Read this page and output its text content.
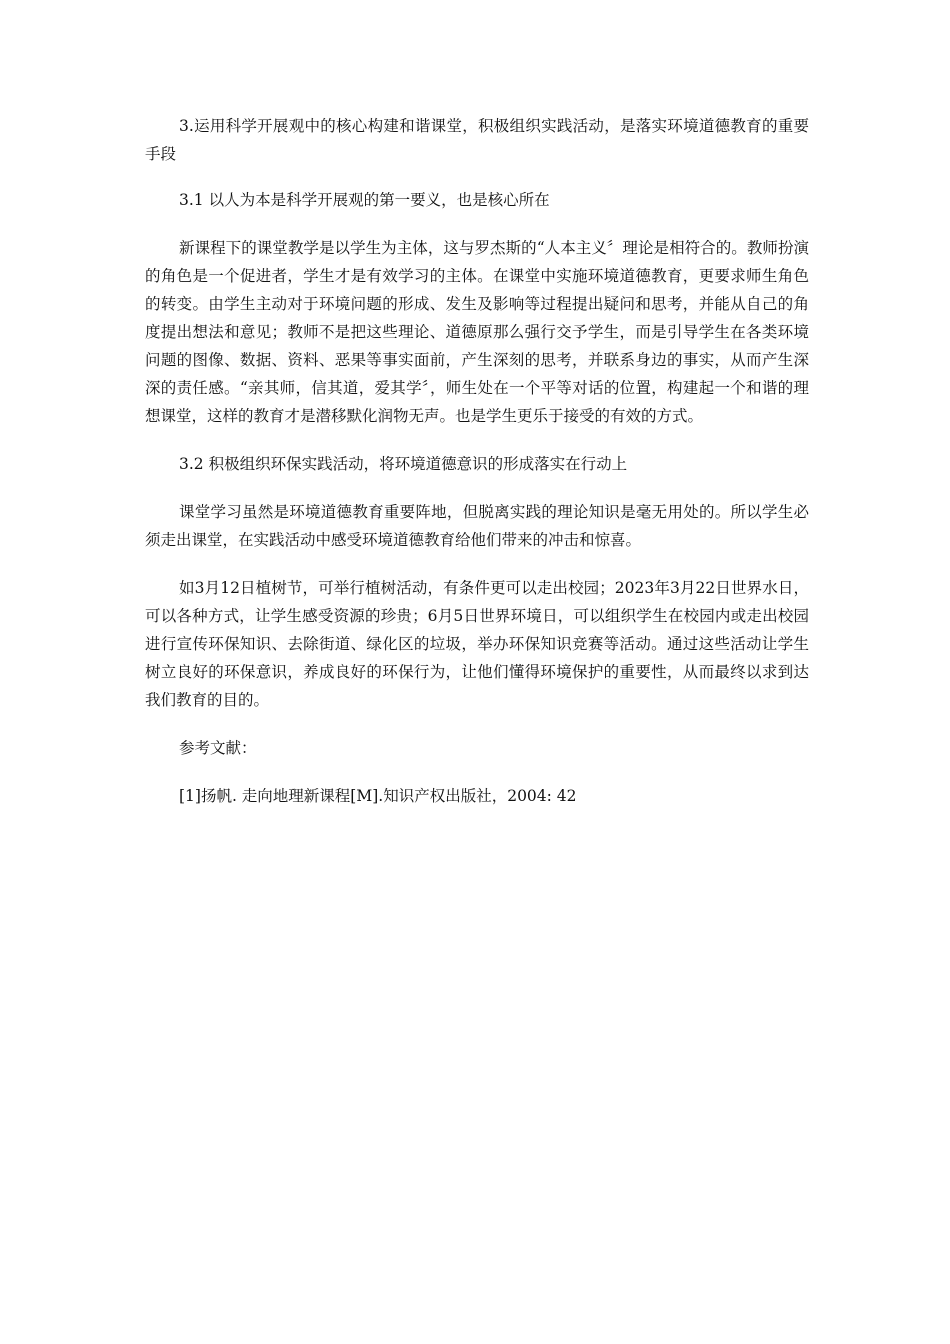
3.运用科学开展观中的核心构建和谐课堂，积极组织实践活动，是落实环境道德教育的重要手段

3.1 以人为本是科学开展观的第一要义，也是核心所在

新课程下的课堂教学是以学生为主体，这与罗杰斯的“人本主义〞理论是相符合的。教师扮演的角色是一个促进者，学生才是有效学习的主体。在课堂中实施环境道德教育，更要求师生角色的转变。由学生主动对于环境问题的形成、发生及影响等过程提出疑问和思考，并能从自己的角度提出想法和意见；教师不是把这些理论、道德原那么强行交予学生，而是引导学生在各类环境问题的图像、数据、资料、恶果等事实面前，产生深刻的思考，并联系身边的事实，从而产生深深的责任感。“亲其师，信其道，爱其学〞，师生处在一个平等对话的位置，构建起一个和谐的理想课堂，这样的教育才是潜移默化润物无声。也是学生更乐于接受的有效的方式。

3.2 积极组织环保实践活动，将环境道德意识的形成落实在行动上

课堂学习虽然是环境道德教育重要阵地，但脱离实践的理论知识是毫无用处的。所以学生必须走出课堂，在实践活动中感受环境道德教育给他们带来的冲击和惊喜。

如3月12日植树节，可举行植树活动，有条件更可以走出校园；2023年3月22日世界水日，可以各种方式，让学生感受资源的珍贵；6月5日世界环境日，可以组织学生在校园内或走出校园进行宣传环保知识、去除街道、绿化区的垃圾，举办环保知识竞赛等活动。通过这些活动让学生树立良好的环保意识，养成良好的环保行为，让他们懂得环境保护的重要性，从而最终以求到达我们教育的目的。

参考文献：

[1]扬帆. 走向地理新课程[M].知识产权出版社，2004: 42
